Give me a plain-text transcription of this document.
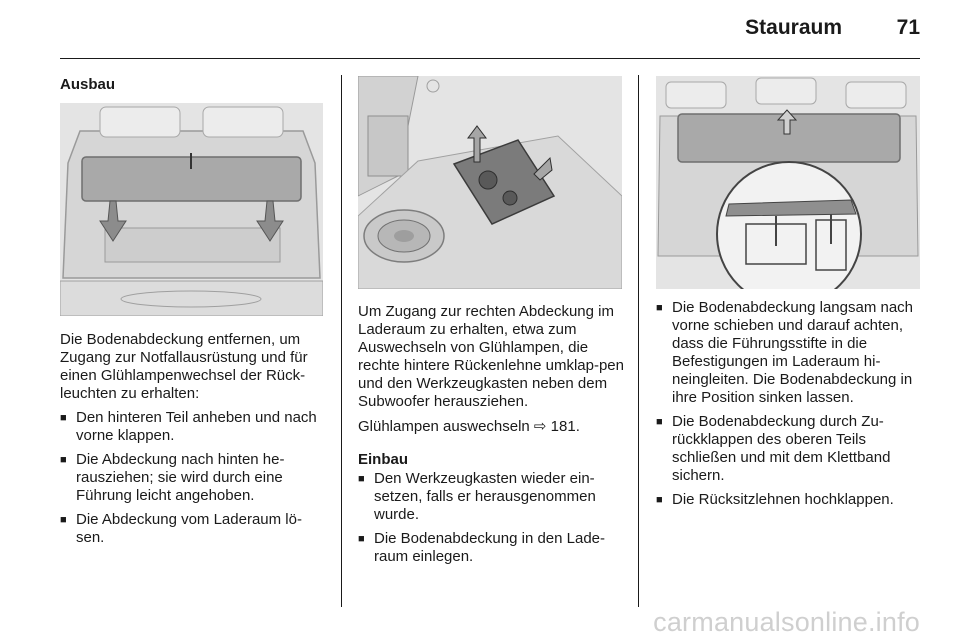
Stauraum	71
Ausbau

Die Bodenabdeckung entfernen, um Zugang zur Notfallausrüstung und für einen Glühlampenwechsel der Rück-leuchten zu erhalten:

■ Den hinteren Teil anheben und nach vorne klappen.
■ Die Abdeckung nach hinten he-rausziehen; sie wird durch eine Führung leicht angehoben.
■ Die Abdeckung vom Laderaum lö-sen.

Um Zugang zur rechten Abdeckung im Laderaum zu erhalten, etwa zum Auswechseln von Glühlampen, die rechte hintere Rückenlehne umklap-pen und den Werkzeugkasten neben dem Subwoofer herausziehen.

Glühlampen auswechseln ⇨ 181.

Einbau

■ Den Werkzeugkasten wieder ein-setzen, falls er herausgenommen wurde.
■ Die Bodenabdeckung in den Lade-raum einlegen.
■ Die Bodenabdeckung langsam nach vorne schieben und darauf achten, dass die Führungsstifte in die Befestigungen im Laderaum hi-neingleiten. Die Bodenabdeckung in ihre Position sinken lassen.
■ Die Bodenabdeckung durch Zu-rückklappen des oberen Teils schließen und mit dem Klettband sichern.
■ Die Rücksitzlehnen hochklappen.
carmanualsonline.info
